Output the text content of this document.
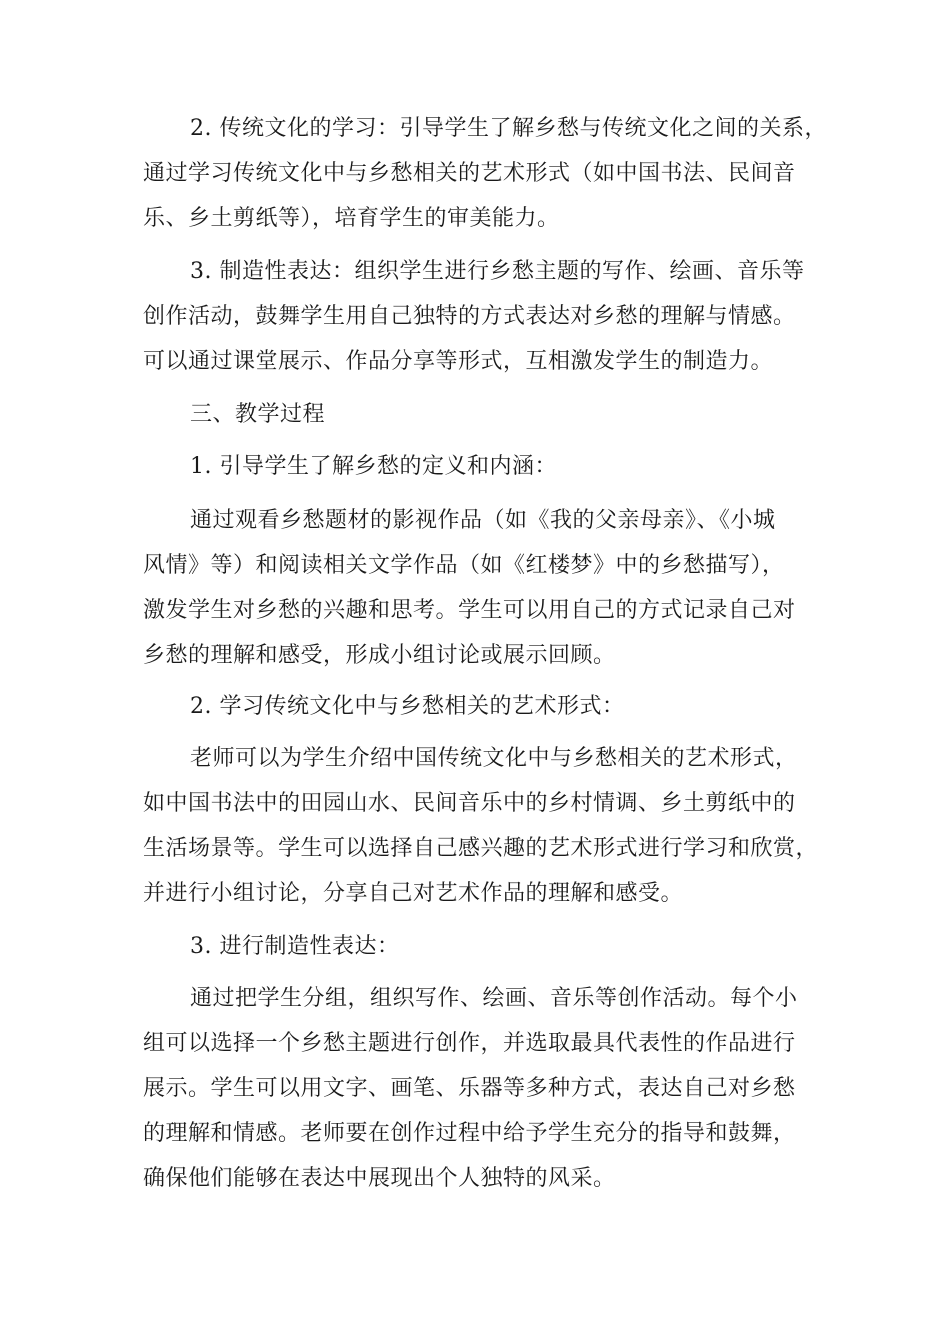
2. 传统文化的学习：引导学生了解乡愁与传统文化之间的关系，
通过学习传统文化中与乡愁相关的艺术形式（如中国书法、民间音
乐、乡土剪纸等），培育学生的审美能力。
3. 制造性表达：组织学生进行乡愁主题的写作、绘画、音乐等
创作活动，鼓舞学生用自己独特的方式表达对乡愁的理解与情感。
可以通过课堂展示、作品分享等形式，互相激发学生的制造力。
三、教学过程
1. 引导学生了解乡愁的定义和内涵：
通过观看乡愁题材的影视作品（如《我的父亲母亲》、《小城
风情》等）和阅读相关文学作品（如《红楼梦》中的乡愁描写），
激发学生对乡愁的兴趣和思考。学生可以用自己的方式记录自己对
乡愁的理解和感受，形成小组讨论或展示回顾。
2. 学习传统文化中与乡愁相关的艺术形式：
老师可以为学生介绍中国传统文化中与乡愁相关的艺术形式，
如中国书法中的田园山水、民间音乐中的乡村情调、乡土剪纸中的
生活场景等。学生可以选择自己感兴趣的艺术形式进行学习和欣赏，
并进行小组讨论，分享自己对艺术作品的理解和感受。
3. 进行制造性表达：
通过把学生分组，组织写作、绘画、音乐等创作活动。每个小
组可以选择一个乡愁主题进行创作，并选取最具代表性的作品进行
展示。学生可以用文字、画笔、乐器等多种方式，表达自己对乡愁
的理解和情感。老师要在创作过程中给予学生充分的指导和鼓舞，
确保他们能够在表达中展现出个人独特的风采。
